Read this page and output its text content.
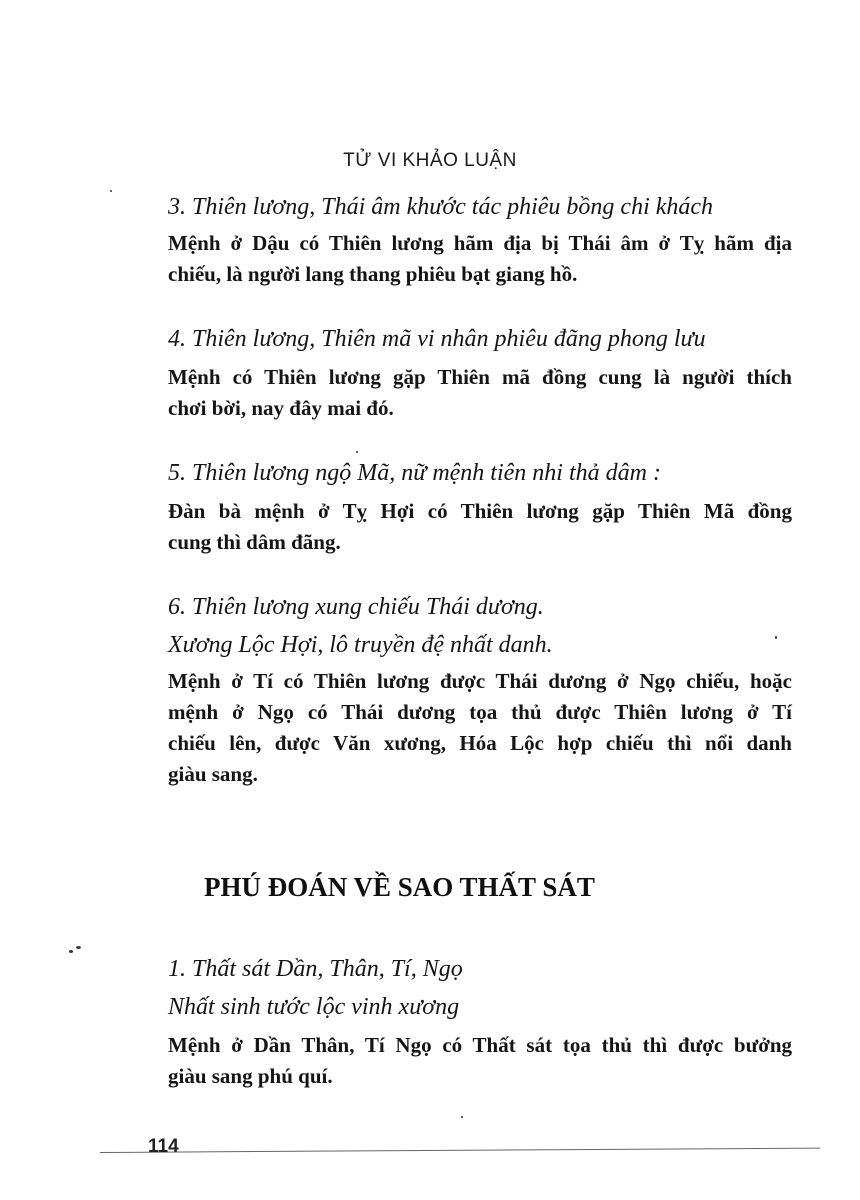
TỬ VI KHẢO LUẬN
3. Thiên lương, Thái âm khước tác phiêu bồng chi khách
Mệnh ở Dậu có Thiên lương hãm địa bị Thái âm ở Tỵ hãm địa
chiếu, là người lang thang phiêu bạt giang hồ.
4. Thiên lương, Thiên mã vi nhân phiêu đãng phong lưu
Mệnh có Thiên lương gặp Thiên mã đồng cung là người thích
chơi bời, nay đây mai đó.
5. Thiên lương ngộ Mã, nữ mệnh tiên nhi thả dâm :
Đàn bà mệnh ở Tỵ Hợi có Thiên lương gặp Thiên Mã đồng
cung thì dâm đãng.
6. Thiên lương xung chiếu Thái dương.
Xương Lộc Hợi, lô truyền đệ nhất danh.
Mệnh ở Tí có Thiên lương được Thái dương ở Ngọ chiếu, hoặc
mệnh ở Ngọ có Thái dương tọa thủ được Thiên lương ở Tí
chiếu lên, được Văn xương, Hóa Lộc hợp chiếu thì nổi danh
giàu sang.
PHÚ ĐOÁN VỀ SAO THẤT SÁT
1. Thất sát Dần, Thân, Tí, Ngọ
Nhất sinh tước lộc vinh xương
Mệnh ở Dần Thân, Tí Ngọ có Thất sát tọa thủ thì được bưởng
giàu sang phú quí.
114
